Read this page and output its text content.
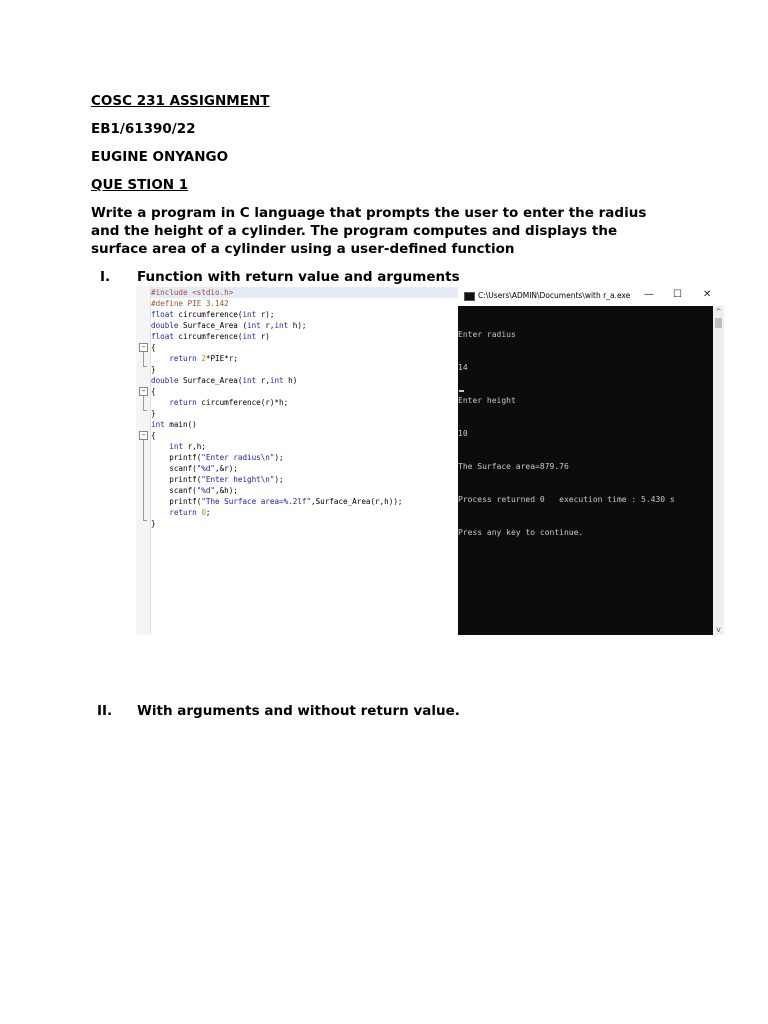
COSC 231 ASSIGNMENT
EB1/61390/22
EUGINE ONYANGO
QUE STION 1
Write a program in C language that prompts the user to enter the radius
and the height of a cylinder. The program computes and displays the
surface area of a cylinder using a user-defined function
I. Function with return value and arguments
−
−
−
#include <stdio.h>
#define PIE 3.142
float circumference(int r);
double Surface_Area (int r,int h);
float circumference(int r)
{
return 2*PIE*r;
}
double Surface_Area(int r,int h)
{
return circumference(r)*h;
}
int main()
{
int r,h;
printf("Enter radius\n");
scanf("%d",&r);
printf("Enter height\n");
scanf("%d",&h);
printf("The Surface area=%.2lf",Surface_Area(r,h));
return 0;
}
C:\Users\ADMIN\Documents\with r_a.exe — ☐ ✕

Enter radius

14

Enter height

10

The Surface area=879.76

Process returned 0   execution time : 5.430 s

Press any key to continue.

^
v
II. With arguments and without return value.
